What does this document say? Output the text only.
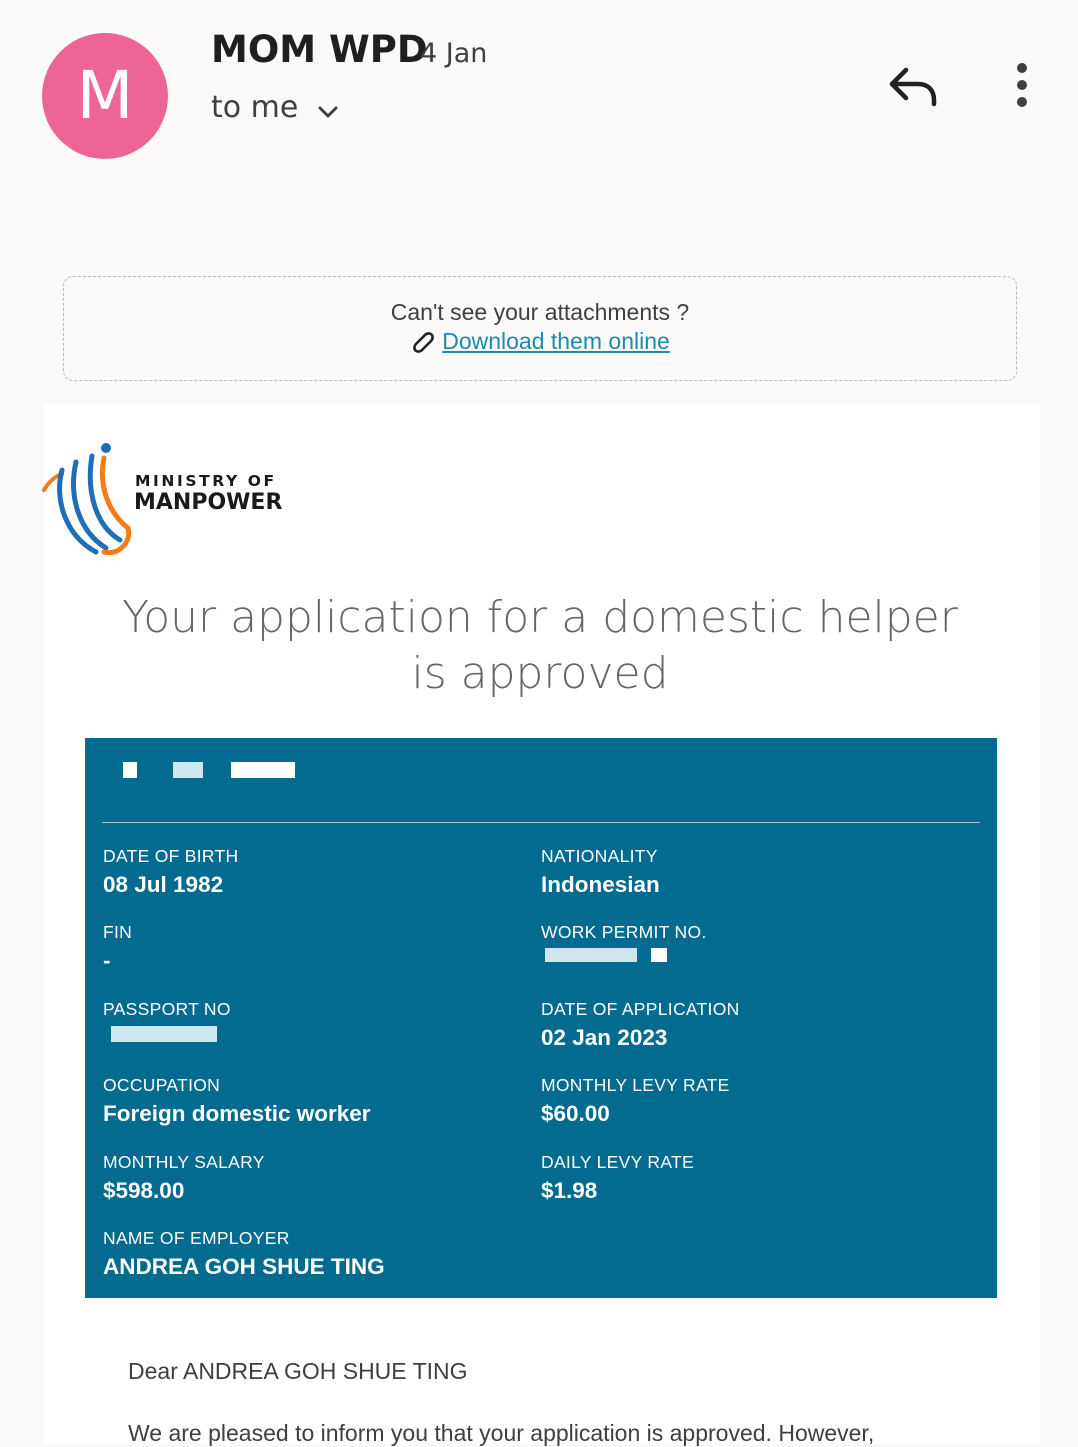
M
MOM WPD
4 Jan
to me
Can't see your attachments ?
Download them online
MINISTRY OF
MANPOWER
Your application for a domestic helper is approved
DATE OF BIRTH
08 Jul 1982
FIN
-
PASSPORT NO
OCCUPATION
Foreign domestic worker
MONTHLY SALARY
$598.00
NAME OF EMPLOYER
ANDREA GOH SHUE TING
NATIONALITY
Indonesian
WORK PERMIT NO.
DATE OF APPLICATION
02 Jan 2023
MONTHLY LEVY RATE
$60.00
DAILY LEVY RATE
$1.98
Dear ANDREA GOH SHUE TING
We are pleased to inform you that your application is approved. However,
